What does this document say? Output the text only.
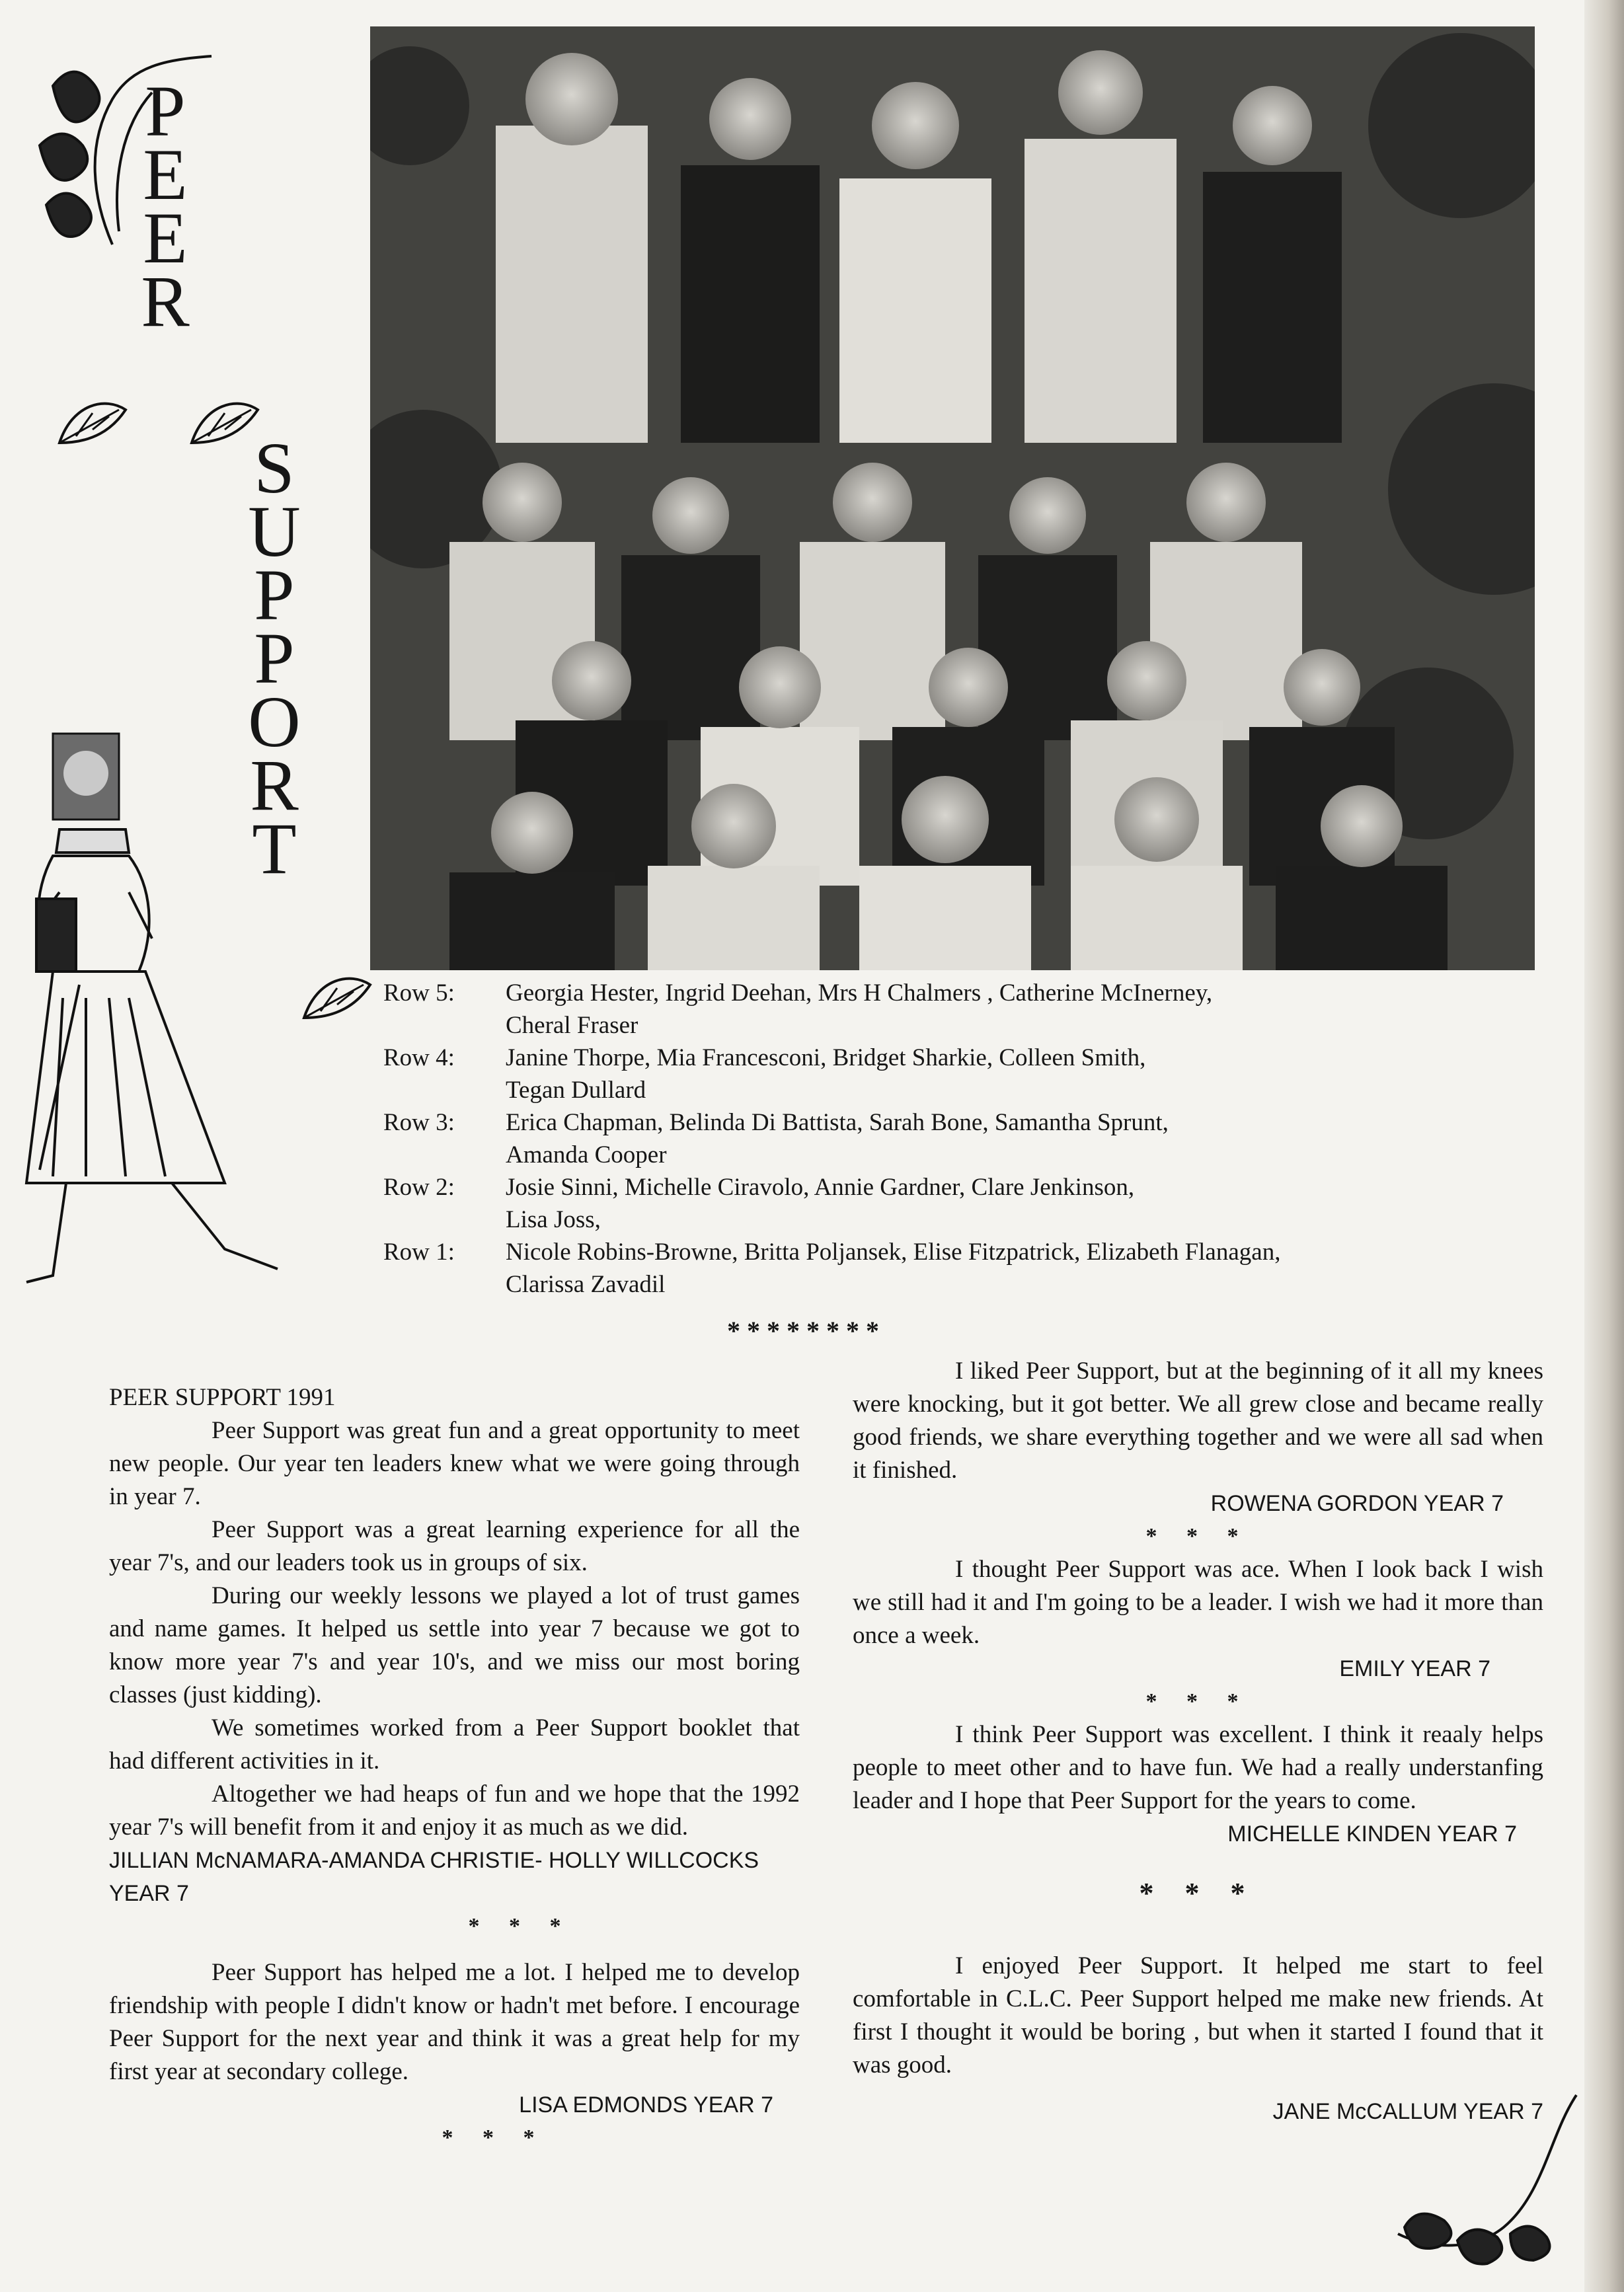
P
E
E
R
S
U
P
P
O
R
T
Row 5:	Georgia Hester, Ingrid Deehan, Mrs H Chalmers , Catherine McInerney,
Cheral Fraser
Row 4:	Janine Thorpe, Mia Francesconi, Bridget Sharkie, Colleen Smith,
Tegan Dullard
Row 3:	Erica Chapman, Belinda Di Battista, Sarah Bone, Samantha Sprunt,
Amanda Cooper
Row 2:	Josie Sinni, Michelle Ciravolo, Annie Gardner, Clare Jenkinson,
Lisa Joss,
Row 1:	Nicole Robins-Browne, Britta Poljansek, Elise Fitzpatrick, Elizabeth Flanagan,
Clarissa Zavadil
********

PEER SUPPORT 1991

Peer Support was great fun and a great opportunity to meet new people. Our year ten leaders knew what we were going through in year 7.

Peer Support was a great learning experience for all the year 7's, and our leaders took us in groups of six.

During our weekly lessons we played a lot of trust games and name games. It helped us settle into year 7 because we got to know more year 7's and year 10's, and we miss our most boring classes (just kidding).

We sometimes worked from a Peer Support booklet that had different activities in it.

Altogether we had heaps of fun and we hope that the 1992 year 7's will benefit from it and enjoy it as much as we did.

JILLIAN McNAMARA-AMANDA CHRISTIE- HOLLY WILLCOCKS YEAR 7

* * *

Peer Support has helped me a lot. I helped me to develop friendship with people I didn't know or hadn't met before. I encourage Peer Support for the next year and think it was a great help for my first year at secondary college.

LISA EDMONDS YEAR 7

* * *

I liked Peer Support, but at the beginning of it all my knees were knocking, but it got better. We all grew close and became really good friends, we share everything together and we were all sad when it finished.

ROWENA GORDON YEAR 7

* * *

I thought Peer Support was ace. When I look back I wish we still had it and I'm going to be a leader. I wish we had it more than once a week.

EMILY YEAR 7

* * *

I think Peer Support was excellent. I think it reaaly helps people to meet other and to have fun. We had a really understanfing leader and I hope that Peer Support for the years to come.

MICHELLE KINDEN YEAR 7

* * *

I enjoyed Peer Support. It helped me start to feel comfortable in C.L.C. Peer Support helped me make new friends. At first I thought it would be boring , but when it started I found that it was good.

JANE McCALLUM YEAR 7
